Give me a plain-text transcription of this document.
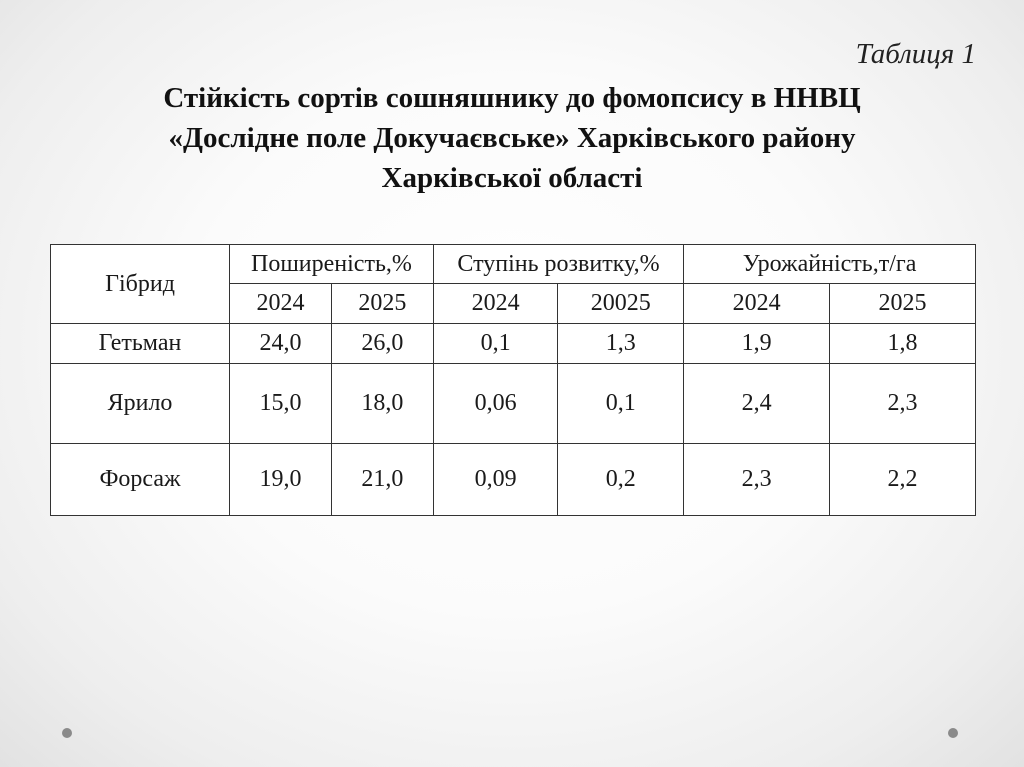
Таблиця 1
Стійкість сортів сошняшнику до фомопсису в ННВЦ
«Дослідне поле Докучаєвське» Харківського району
Харківської області
Гібрид	Поширеність,%		Ступінь розвитку,%		Урожайність,т/га	
	2024	2025	2024	20025	2024	2025
Гетьман	24,0	26,0	0,1	1,3	1,9	1,8
Ярило	15,0	18,0	0,06	0,1	2,4	2,3
Форсаж	19,0	21,0	0,09	0,2	2,3	2,2
